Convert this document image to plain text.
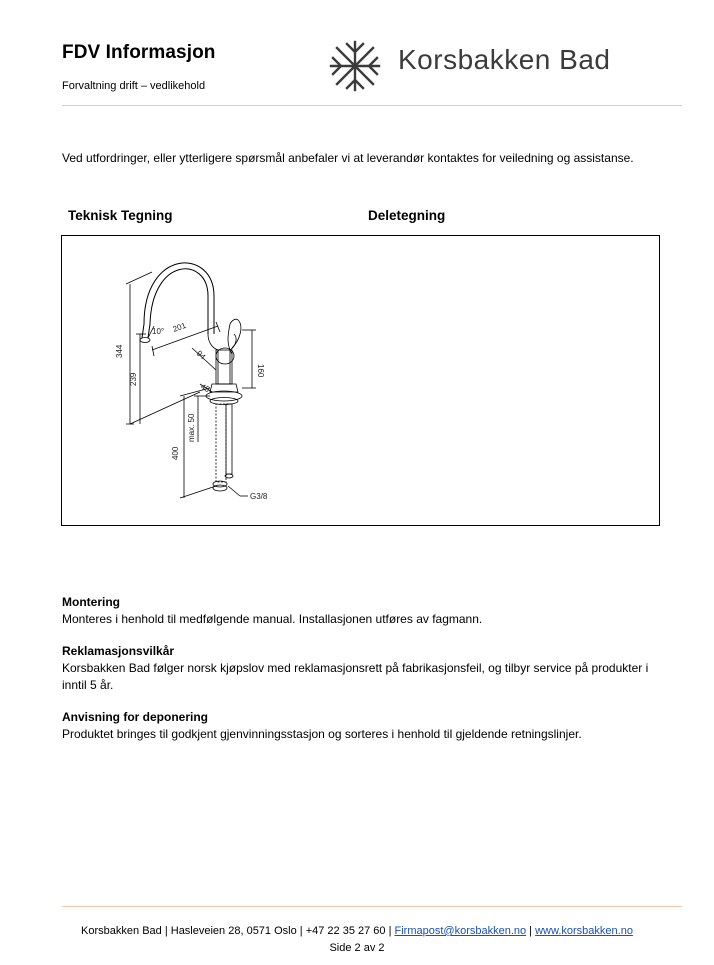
FDV Informasjon
Forvaltning drift – vedlikehold
Korsbakken Bad
Ved utfordringer, eller ytterligere spørsmål anbefaler vi at leverandør kontaktes for veiledning og assistanse.
Teknisk Tegning	Deletegning
344
239
201
10°
94
160
45
400
max. 50
G3/8
Montering

Monteres i henhold til medfølgende manual. Installasjonen utføres av fagmann.

Reklamasjonsvilkår

Korsbakken Bad følger norsk kjøpslov med reklamasjonsrett på fabrikasjonsfeil, og tilbyr service på produkter i inntil 5 år.

Anvisning for deponering

Produktet bringes til godkjent gjenvinningsstasjon og sorteres i henhold til gjeldende retningslinjer.

Korsbakken Bad | Hasleveien 28, 0571 Oslo | +47 22 35 27 60 | Firmapost@korsbakken.no | www.korsbakken.no
Side 2 av 2
